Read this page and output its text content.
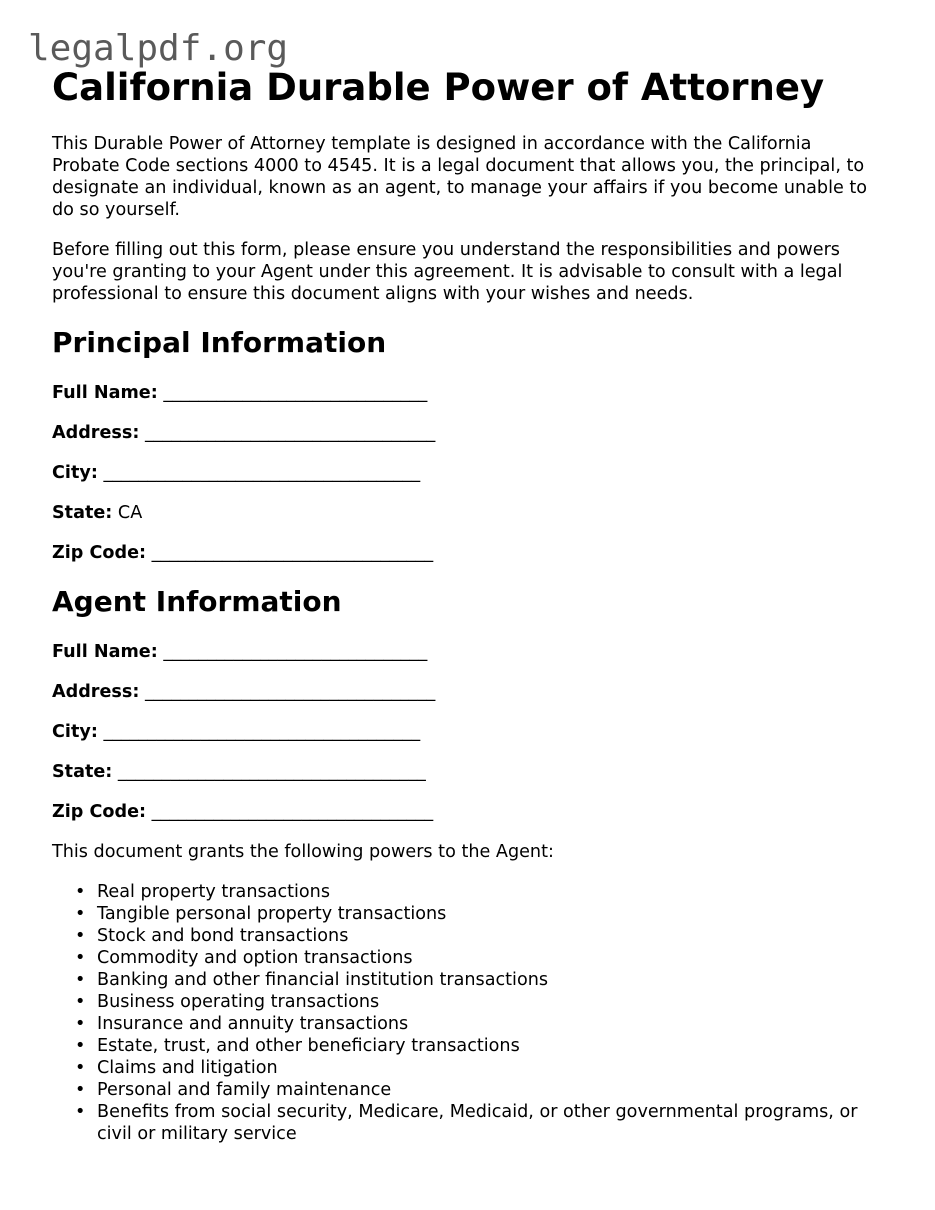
legalpdf.org
California Durable Power of Attorney

This Durable Power of Attorney template is designed in accordance with the California Probate Code sections 4000 to 4545. It is a legal document that allows you, the principal, to designate an individual, known as an agent, to manage your affairs if you become unable to do so yourself.

Before filling out this form, please ensure you understand the responsibilities and powers you're granting to your Agent under this agreement. It is advisable to consult with a legal professional to ensure this document aligns with your wishes and needs.

Principal Information
Full Name: ______________________________
Address: _________________________________
City: ____________________________________
State: CA
Zip Code: ________________________________
Agent Information
Full Name: ______________________________
Address: _________________________________
City: ____________________________________
State: ___________________________________
Zip Code: ________________________________

This document grants the following powers to the Agent:

• Real property transactions
• Tangible personal property transactions
• Stock and bond transactions
• Commodity and option transactions
• Banking and other financial institution transactions
• Business operating transactions
• Insurance and annuity transactions
• Estate, trust, and other beneficiary transactions
• Claims and litigation
• Personal and family maintenance
• Benefits from social security, Medicare, Medicaid, or other governmental programs, or civil or military service
